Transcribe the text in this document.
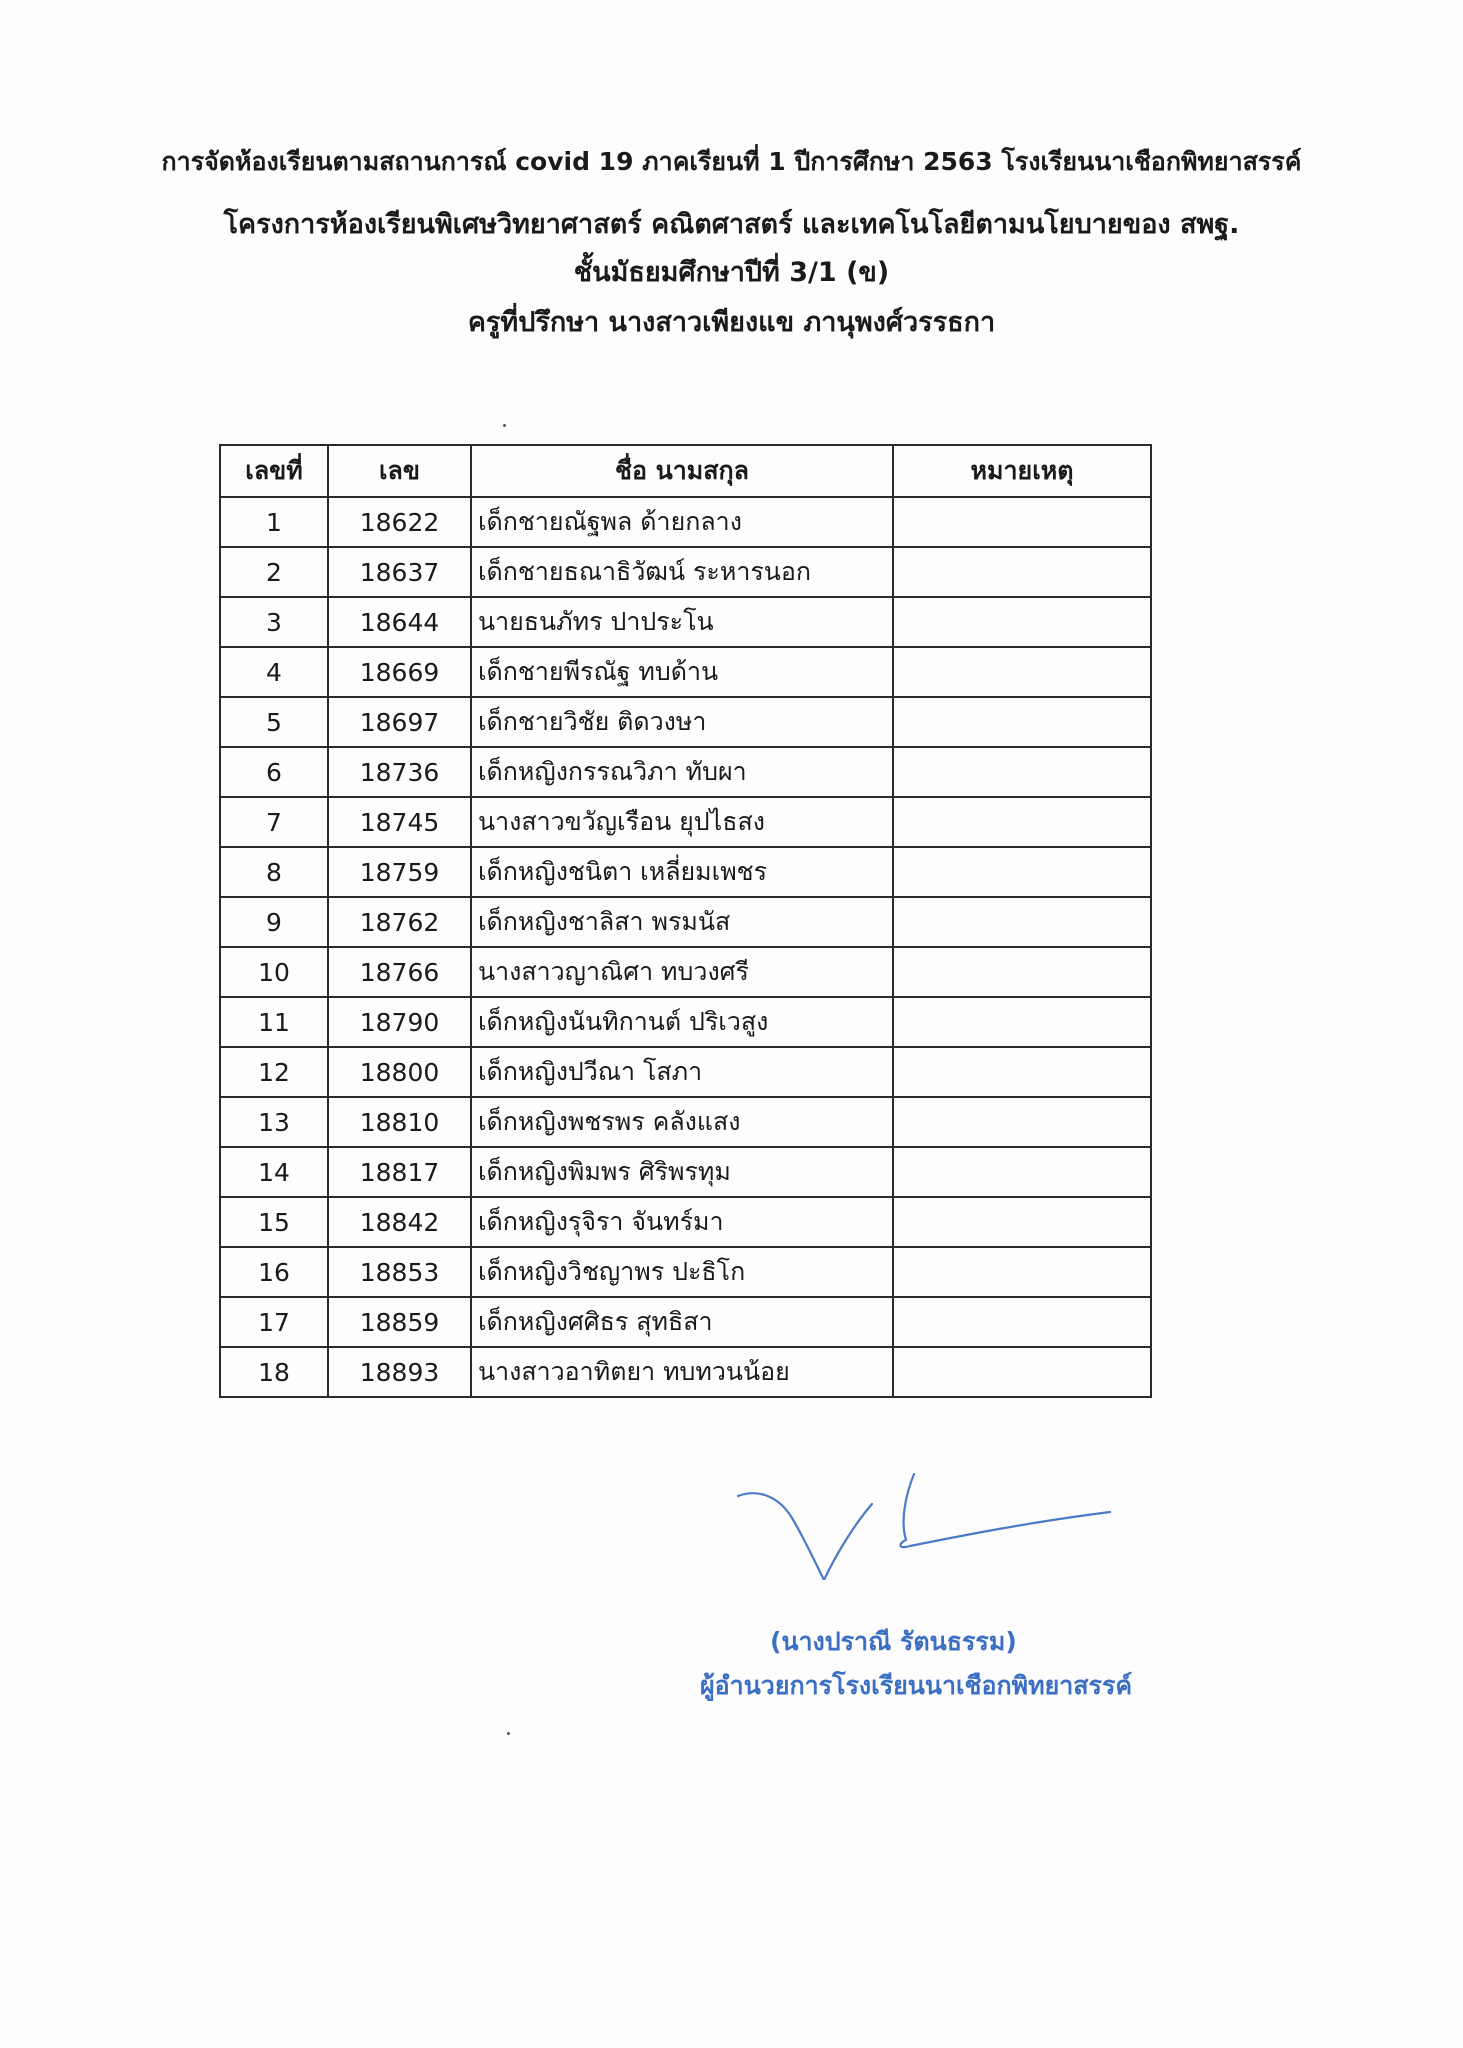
การจัดห้องเรียนตามสถานการณ์ covid 19 ภาคเรียนที่ 1 ปีการศึกษา 2563 โรงเรียนนาเชือกพิทยาสรรค์
โครงการห้องเรียนพิเศษวิทยาศาสตร์ คณิตศาสตร์ และเทคโนโลยีตามนโยบายของ สพฐ.
ชั้นมัธยมศึกษาปีที่ 3/1 (ข)
ครูที่ปรึกษา นางสาวเพียงแข ภานุพงศ์วรรธกา
เลขที่	เลข	ชื่อ นามสกุล	หมายเหตุ
1	18622	เด็กชายณัฐพล ด้ายกลาง	
2	18637	เด็กชายธณาธิวัฒน์ ระหารนอก	
3	18644	นายธนภัทร ปาประโน	
4	18669	เด็กชายพีรณัฐ ทบด้าน	
5	18697	เด็กชายวิชัย ติดวงษา	
6	18736	เด็กหญิงกรรณวิภา ทับผา	
7	18745	นางสาวขวัญเรือน ยุปไธสง	
8	18759	เด็กหญิงชนิตา เหลี่ยมเพชร	
9	18762	เด็กหญิงชาลิสา พรมนัส	
10	18766	นางสาวญาณิศา ทบวงศรี	
11	18790	เด็กหญิงนันทิกานต์ ปริเวสูง	
12	18800	เด็กหญิงปวีณา โสภา	
13	18810	เด็กหญิงพชรพร คลังแสง	
14	18817	เด็กหญิงพิมพร ศิริพรทุม	
15	18842	เด็กหญิงรุจิรา จันทร์มา	
16	18853	เด็กหญิงวิชญาพร ปะธิโก	
17	18859	เด็กหญิงศศิธร สุทธิสา	
18	18893	นางสาวอาทิตยา ทบทวนน้อย	
(นางปราณี รัตนธรรม)
ผู้อำนวยการโรงเรียนนาเชือกพิทยาสรรค์
